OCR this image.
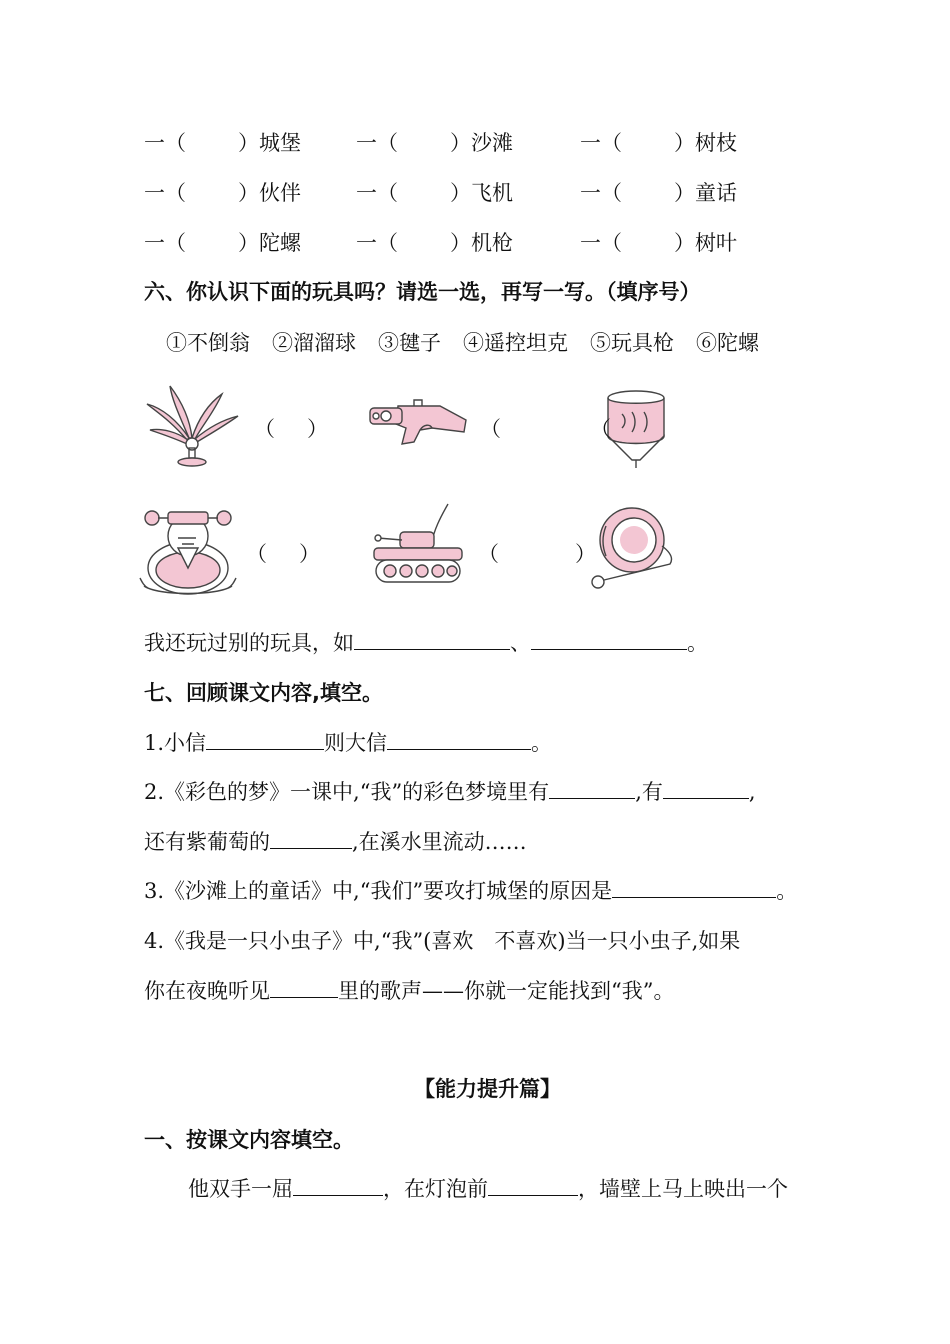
一（ ）城堡	一（ ）沙滩	一（ ）树枝
一（ ）伙伴	一（ ）飞机	一（ ）童话
一（ ）陀螺	一（ ）机枪	一（ ）树叶
六、你认识下面的玩具吗？请选一选，再写一写。（填序号）
①不倒翁 ②溜溜球 ③毽子 ④遥控坦克 ⑤玩具枪 ⑥陀螺
（ ）	（	（
（ ）	（	）
我还玩过别的玩具，如	、	。
七、回顾课文内容,填空。
1.小信	则大信	。
2.《彩色的梦》一课中,“我”的彩色梦境里有	,有	,
还有紫葡萄的	,在溪水里流动……
3.《沙滩上的童话》中,“我们”要攻打城堡的原因是	。
4.《我是一只小虫子》中,“我”(喜欢　不喜欢)当一只小虫子,如果
你在夜晚听见	里的歌声——你就一定能找到“我”。
【能力提升篇】
一、按课文内容填空。
他双手一屈	，在灯泡前	，墙壁上马上映出一个
